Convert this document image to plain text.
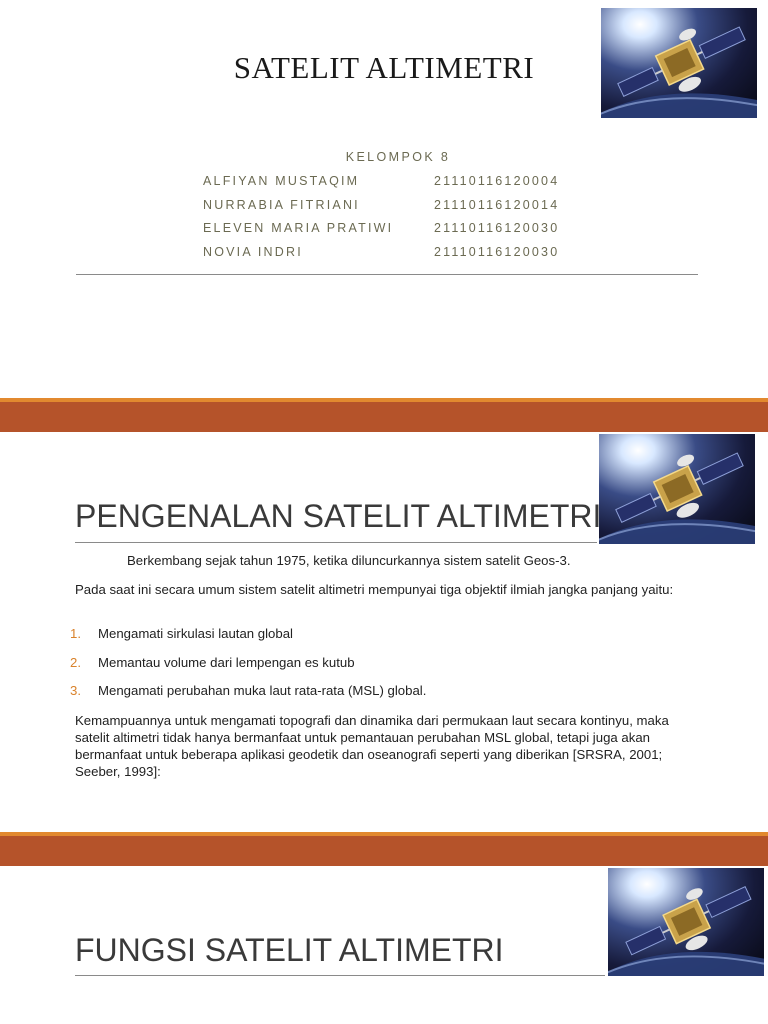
SATELIT ALTIMETRI
KELOMPOK 8
ALFIYAN MUSTAQIM	21110116120004
NURRABIA FITRIANI	21110116120014
ELEVEN MARIA PRATIWI	21110116120030
NOVIA INDRI	21110116120030
PENGENALAN SATELIT ALTIMETRI
Berkembang sejak tahun 1975, ketika diluncurkannya sistem satelit Geos-3.
Pada saat ini secara umum sistem satelit altimetri mempunyai tiga objektif ilmiah jangka panjang yaitu:
1. Mengamati sirkulasi lautan global
2. Memantau volume dari lempengan es kutub
3. Mengamati perubahan muka laut rata-rata (MSL) global.
Kemampuannya untuk mengamati topografi dan dinamika dari permukaan laut secara kontinyu, maka satelit altimetri tidak hanya bermanfaat untuk pemantauan perubahan MSL global, tetapi juga akan bermanfaat untuk beberapa aplikasi geodetik dan oseanografi seperti yang diberikan [SRSRA, 2001; Seeber, 1993]:
FUNGSI SATELIT ALTIMETRI
